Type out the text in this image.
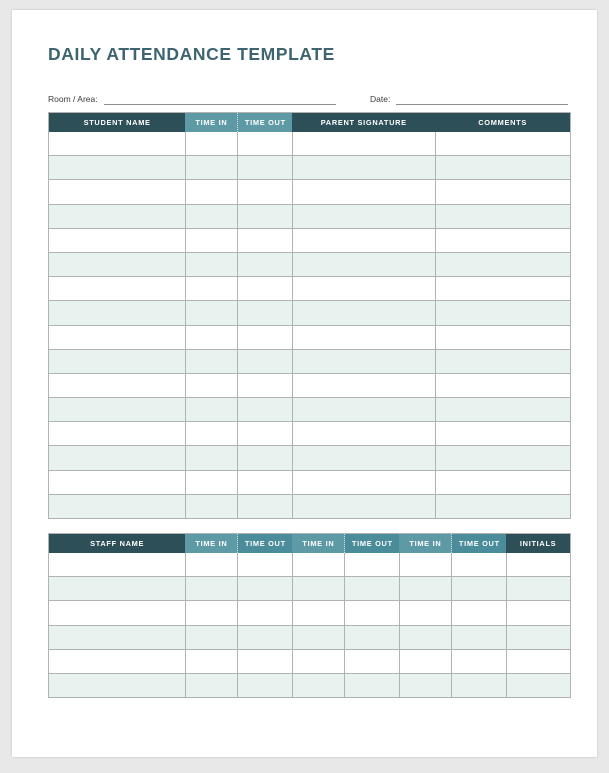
DAILY ATTENDANCE TEMPLATE
Room / Area:	Date:
STUDENT NAME	TIME IN	TIME OUT	PARENT SIGNATURE	COMMENTS

STAFF NAME	TIME IN	TIME OUT	TIME IN	TIME OUT	TIME IN	TIME OUT	INITIALS
